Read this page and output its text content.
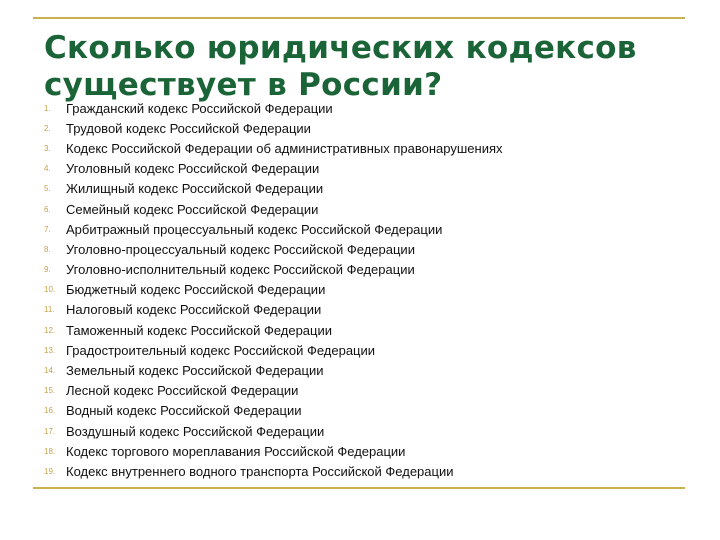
Сколько юридических кодексов существует в России?
1.	Гражданский кодекс Российской Федерации
2.	Трудовой кодекс Российской Федерации
3.	Кодекс Российской Федерации об административных правонарушениях
4.	Уголовный кодекс Российской Федерации
5.	Жилищный кодекс Российской Федерации
6.	Семейный кодекс Российской Федерации
7.	Арбитражный процессуальный кодекс Российской Федерации
8.	Уголовно-процессуальный кодекс Российской Федерации
9.	Уголовно-исполнительный кодекс Российской Федерации
10. Бюджетный кодекс Российской Федерации
11. Налоговый кодекс Российской Федерации
12. Таможенный кодекс Российской Федерации
13. Градостроительный кодекс Российской Федерации
14. Земельный кодекс Российской Федерации
15. Лесной кодекс Российской Федерации
16. Водный кодекс Российской Федерации
17. Воздушный кодекс Российской Федерации
18. Кодекс торгового мореплавания Российской Федерации
19. Кодекс внутреннего водного транспорта Российской Федерации
